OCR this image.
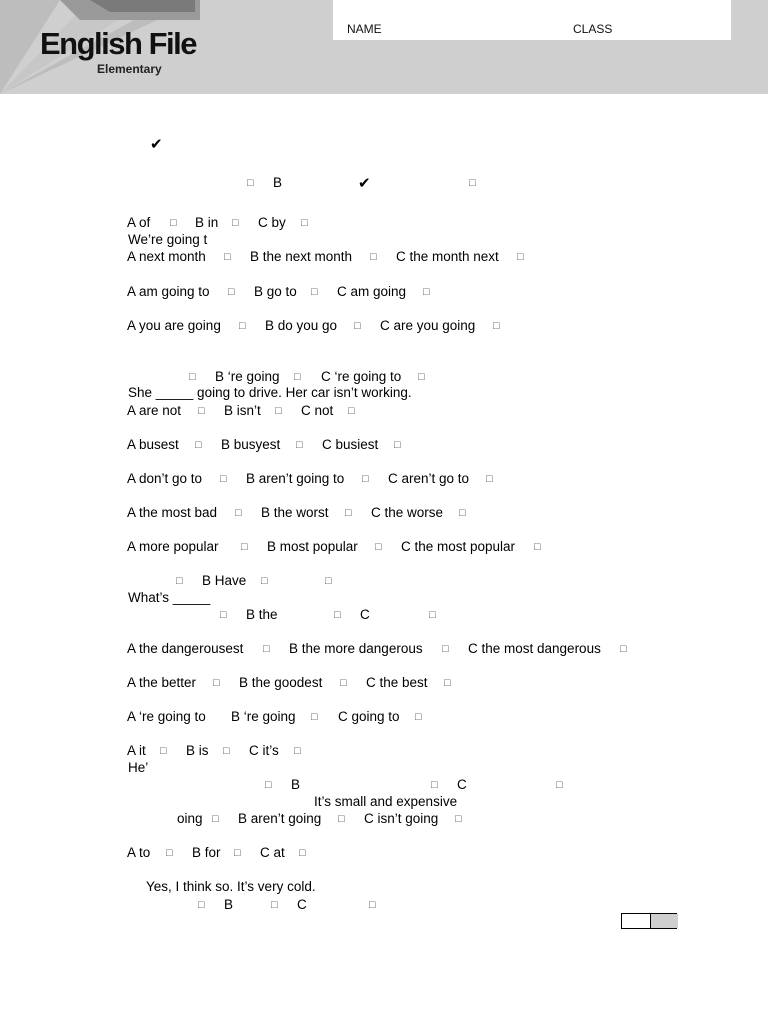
English File
Elementary
NAME	CLASS
✔
✔
□ B	□
A of □ B in □ C by □
We’re going t
A next month □ B the next month □ C the month next □
A am going to □ B go to □ C am going □
A you are going □ B do you go □ C are you going □
□ B ‘re going □ C ‘re going to □
She _____ going to drive. Her car isn’t working.
A are not □ B isn’t □ C not □
A busest □ B busyest □ C busiest □
A don’t go to □ B aren’t going to □ C aren’t go to □
A the most bad □ B the worst □ C the worse □
A more popular □ B most popular □ C the most popular □
□ B Have □	□
What’s _____
□ B the	□ C	□
A the dangerousest □ B the more dangerous □ C the most dangerous □
A the better □ B the goodest □ C the best □
A ‘re going to B ‘re going □ C going to □
A it □ B is □ C it’s □
He’
□ B	□ C	□
It’s small and expensive
oing □ B aren’t going □ C isn’t going □
A to □ B for □ C at □
Yes, I think so. It’s very cold.
□ B	□ C	□
